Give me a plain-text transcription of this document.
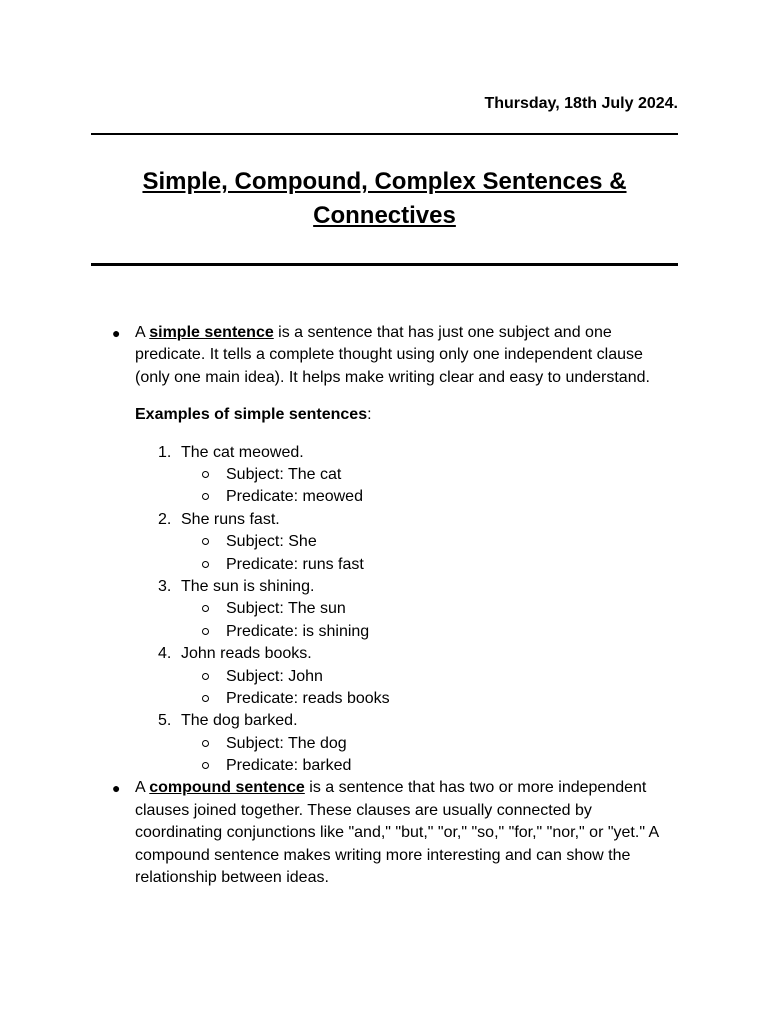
Thursday, 18th July 2024.
Simple, Compound, Complex Sentences & Connectives
● A simple sentence is a sentence that has just one subject and one predicate. It tells a complete thought using only one independent clause (only one main idea). It helps make writing clear and easy to understand.
Examples of simple sentences:
1. The cat meowed.
Subject: The cat
Predicate: meowed
2. She runs fast.
Subject: She
Predicate: runs fast
3. The sun is shining.
Subject: The sun
Predicate: is shining
4. John reads books.
Subject: John
Predicate: reads books
5. The dog barked.
Subject: The dog
Predicate: barked
● A compound sentence is a sentence that has two or more independent clauses joined together. These clauses are usually connected by coordinating conjunctions like "and," "but," "or," "so," "for," "nor," or "yet." A compound sentence makes writing more interesting and can show the relationship between ideas.
